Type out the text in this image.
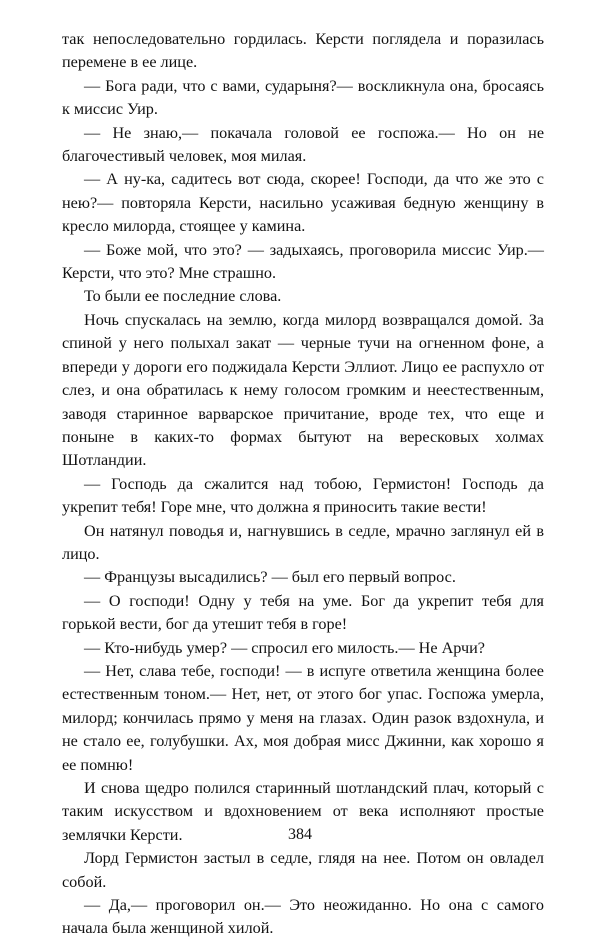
так непоследовательно гордилась. Керсти поглядела и поразилась перемене в ее лице.

— Бога ради, что с вами, сударыня?— воскликнула она, бросаясь к миссис Уир.

— Не знаю,— покачала головой ее госпожа.— Но он не благочестивый человек, моя милая.

— А ну-ка, садитесь вот сюда, скорее! Господи, да что же это с нею?— повторяла Керсти, насильно усаживая бедную женщину в кресло милорда, стоящее у камина.

— Боже мой, что это? — задыхаясь, проговорила миссис Уир.— Керсти, что это? Мне страшно.

То были ее последние слова.

Ночь спускалась на землю, когда милорд возвращался домой. За спиной у него полыхал закат — черные тучи на огненном фоне, а впереди у дороги его поджидала Керсти Эллиот. Лицо ее распухло от слез, и она обратилась к нему голосом громким и неестественным, заводя старинное варварское причитание, вроде тех, что еще и поныне в каких-то формах бытуют на вересковых холмах Шотландии.

— Господь да сжалится над тобою, Гермистон! Господь да укрепит тебя! Горе мне, что должна я приносить такие вести!

Он натянул поводья и, нагнувшись в седле, мрачно заглянул ей в лицо.

— Французы высадились? — был его первый вопрос.

— О господи! Одну у тебя на уме. Бог да укрепит тебя для горькой вести, бог да утешит тебя в горе!

— Кто-нибудь умер? — спросил его милость.— Не Арчи?

— Нет, слава тебе, господи! — в испуге ответила женщина более естественным тоном.— Нет, нет, от этого бог упас. Госпожа умерла, милорд; кончилась прямо у меня на глазах. Один разок вздохнула, и не стало ее, голубушки. Ах, моя добрая мисс Джинни, как хорошо я ее помню!

И снова щедро полился старинный шотландский плач, который с таким искусством и вдохновением от века исполняют простые землячки Керсти.

Лорд Гермистон застыл в седле, глядя на нее. Потом он овладел собой.

— Да,— проговорил он.— Это неожиданно. Но она с самого начала была женщиной хилой.

384
